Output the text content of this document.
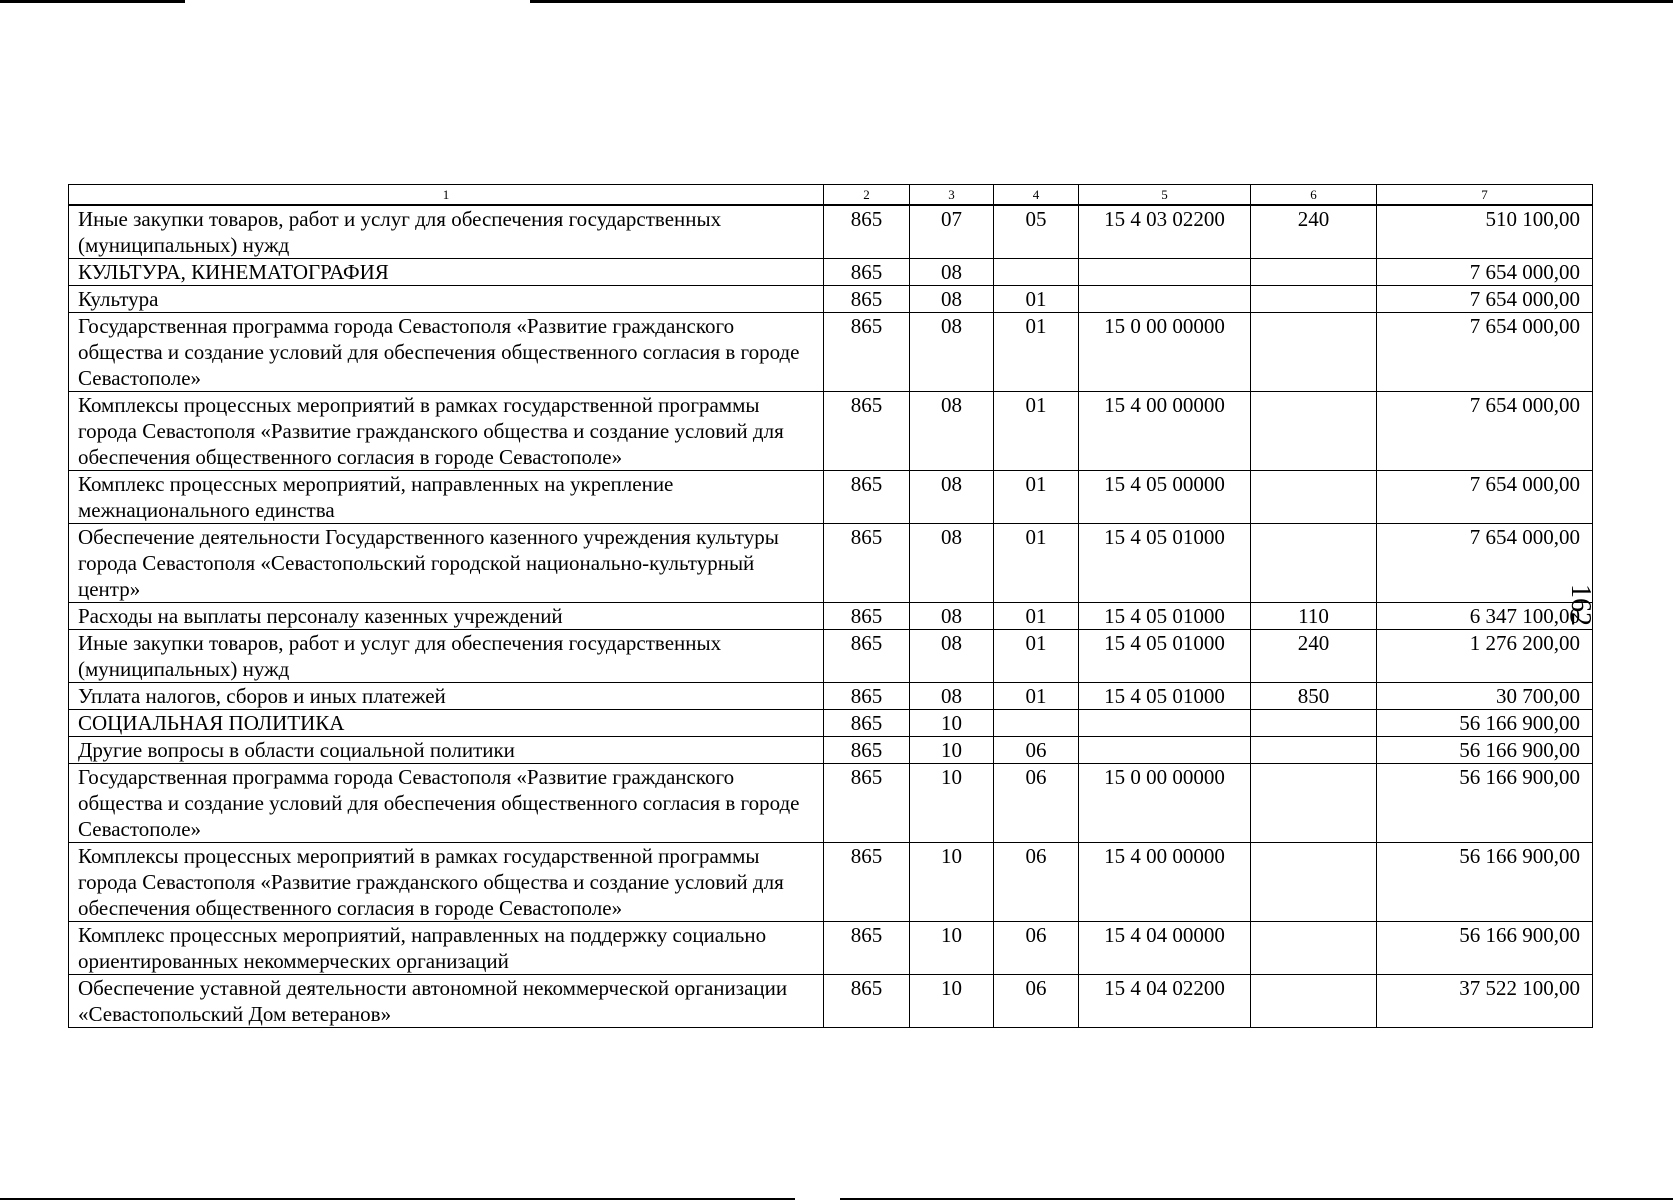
1	2	3	4	5	6	7
Иные закупки товаров, работ и услуг для обеспечения государственных (муниципальных) нужд	865	07	05	15 4 03 02200	240	510 100,00
КУЛЬТУРА, КИНЕМАТОГРАФИЯ	865	08				7 654 000,00
Культура	865	08	01			7 654 000,00
Государственная программа города Севастополя «Развитие гражданского общества и создание условий для обеспечения общественного согласия в городе Севастополе»	865	08	01	15 0 00 00000		7 654 000,00
Комплексы процессных мероприятий в рамках государственной программы города Севастополя «Развитие гражданского общества и создание условий для обеспечения общественного согласия в городе Севастополе»	865	08	01	15 4 00 00000		7 654 000,00
Комплекс процессных мероприятий, направленных на укрепление межнационального единства	865	08	01	15 4 05 00000		7 654 000,00
Обеспечение деятельности Государственного казенного учреждения культуры города Севастополя «Севастопольский городской национально-культурный центр»	865	08	01	15 4 05 01000		7 654 000,00
Расходы на выплаты персоналу казенных учреждений	865	08	01	15 4 05 01000	110	6 347 100,00
Иные закупки товаров, работ и услуг для обеспечения государственных (муниципальных) нужд	865	08	01	15 4 05 01000	240	1 276 200,00
Уплата налогов, сборов и иных платежей	865	08	01	15 4 05 01000	850	30 700,00
СОЦИАЛЬНАЯ ПОЛИТИКА	865	10				56 166 900,00
Другие вопросы в области социальной политики	865	10	06			56 166 900,00
Государственная программа города Севастополя «Развитие гражданского общества и создание условий для обеспечения общественного согласия в городе Севастополе»	865	10	06	15 0 00 00000		56 166 900,00
Комплексы процессных мероприятий в рамках государственной программы города Севастополя «Развитие гражданского общества и создание условий для обеспечения общественного согласия в городе Севастополе»	865	10	06	15 4 00 00000		56 166 900,00
Комплекс процессных мероприятий, направленных на поддержку социально ориентированных некоммерческих организаций	865	10	06	15 4 04 00000		56 166 900,00
Обеспечение уставной деятельности автономной некоммерческой организации «Севастопольский Дом ветеранов»	865	10	06	15 4 04 02200		37 522 100,00
162
